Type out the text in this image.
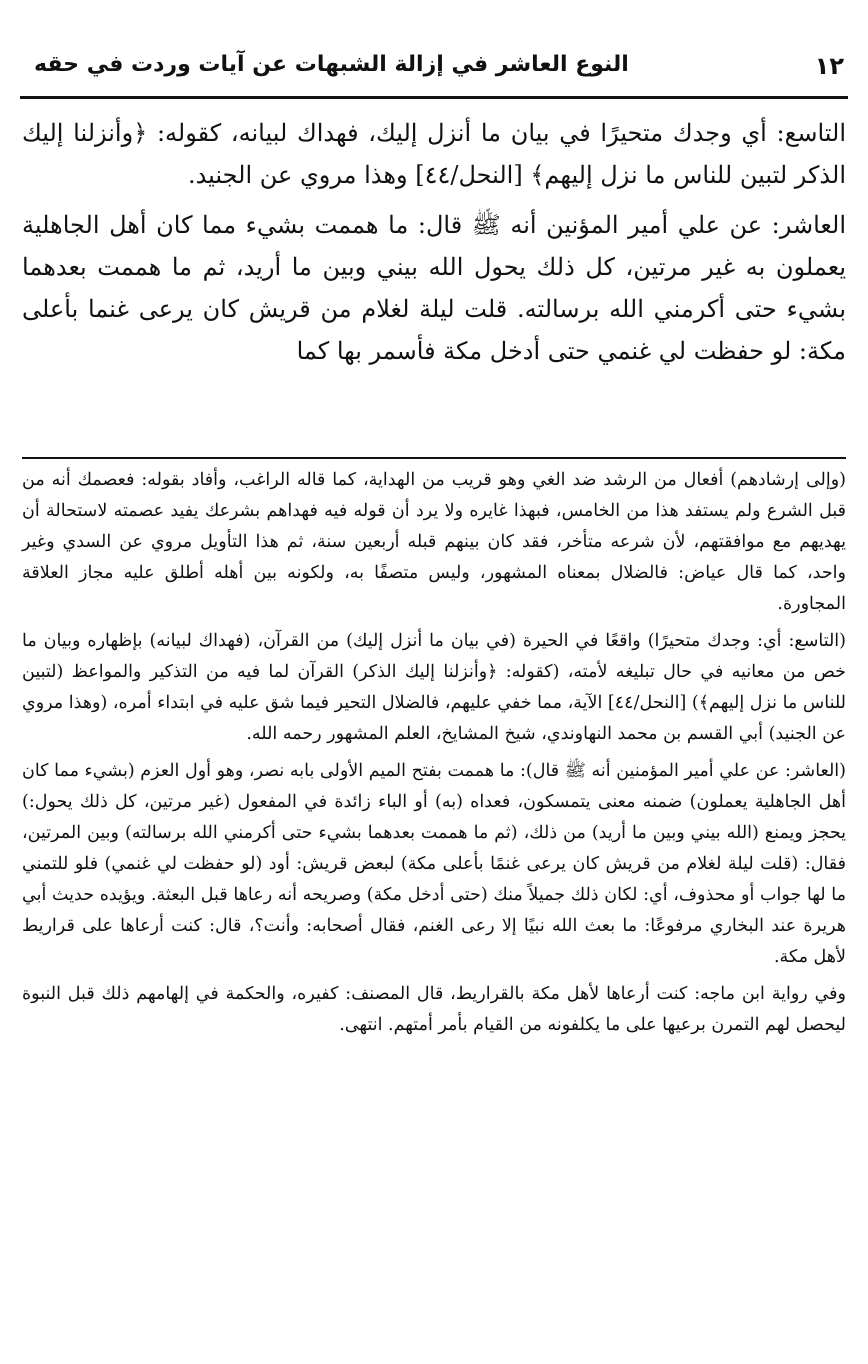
١٢
النوع العاشر في إزالة الشبهات عن آيات وردت في حقه

التاسع: أي وجدك متحيرًا في بيان ما أنزل إليك، فهداك لبيانه، كقوله: ﴿وأنزلنا إليك الذكر لتبين للناس ما نزل إليهم﴾ [النحل/٤٤] وهذا مروي عن الجنيد.

العاشر: عن علي أمير المؤنين أنه ﷺ قال: ما هممت بشيء مما كان أهل الجاهلية يعملون به غير مرتين، كل ذلك يحول الله بيني وبين ما أريد، ثم ما هممت بعدهما بشيء حتى أكرمني الله برسالته. قلت ليلة لغلام من قريش كان يرعى غنما بأعلى مكة: لو حفظت لي غنمي حتى أدخل مكة فأسمر بها كما

(وإلى إرشادهم) أفعال من الرشد ضد الغي وهو قريب من الهداية، كما قاله الراغب، وأفاد بقوله: فعصمك أنه من قبل الشرع ولم يستفد هذا من الخامس، فبهذا غايره ولا يرد أن قوله فيه فهداهم بشرعك يفيد عصمته لاستحالة أن يهديهم مع موافقتهم، لأن شرعه متأخر، فقد كان بينهم قبله أربعين سنة، ثم هذا التأويل مروي عن السدي وغير واحد، كما قال عياض: فالضلال بمعناه المشهور، وليس متصفًا به، ولكونه بين أهله أطلق عليه مجاز العلاقة المجاورة.

(التاسع: أي: وجدك متحيرًا) واقعًا في الحيرة (في بيان ما أنزل إليك) من القرآن، (فهداك لبيانه) بإظهاره وبيان ما خص من معانيه في حال تبليغه لأمته، (كقوله: ﴿وأنزلنا إليك الذكر) القرآن لما فيه من التذكير والمواعظ (لتبين للناس ما نزل إليهم﴾) [النحل/٤٤] الآية، مما خفي عليهم، فالضلال التحير فيما شق عليه في ابتداء أمره، (وهذا مروي عن الجنيد) أبي القسم بن محمد النهاوندي، شيخ المشايخ، العلم المشهور رحمه الله.

(العاشر: عن علي أمير المؤمنين أنه ﷺ قال): ما هممت بفتح الميم الأولى بابه نصر، وهو أول العزم (بشيء مما كان أهل الجاهلية يعملون) ضمنه معنى يتمسكون، فعداه (به) أو الباء زائدة في المفعول (غير مرتين، كل ذلك يحول:) يحجز ويمنع (الله بيني وبين ما أريد) من ذلك، (ثم ما هممت بعدهما بشيء حتى أكرمني الله برسالته) وبين المرتين، فقال: (قلت ليلة لغلام من قريش كان يرعى غنمًا بأعلى مكة) لبعض قريش: أود (لو حفظت لي غنمي) فلو للتمني ما لها جواب أو محذوف، أي: لكان ذلك جميلاً منك (حتى أدخل مكة) وصريحه أنه رعاها قبل البعثة. ويؤيده حديث أبي هريرة عند البخاري مرفوعًا: ما بعث الله نبيًا إلا رعى الغنم، فقال أصحابه: وأنت؟، قال: كنت أرعاها على قراريط لأهل مكة.

وفي رواية ابن ماجه: كنت أرعاها لأهل مكة بالقراريط، قال المصنف: كفيره، والحكمة في إلهامهم ذلك قبل النبوة ليحصل لهم التمرن برعيها على ما يكلفونه من القيام بأمر أمتهم. انتهى.
